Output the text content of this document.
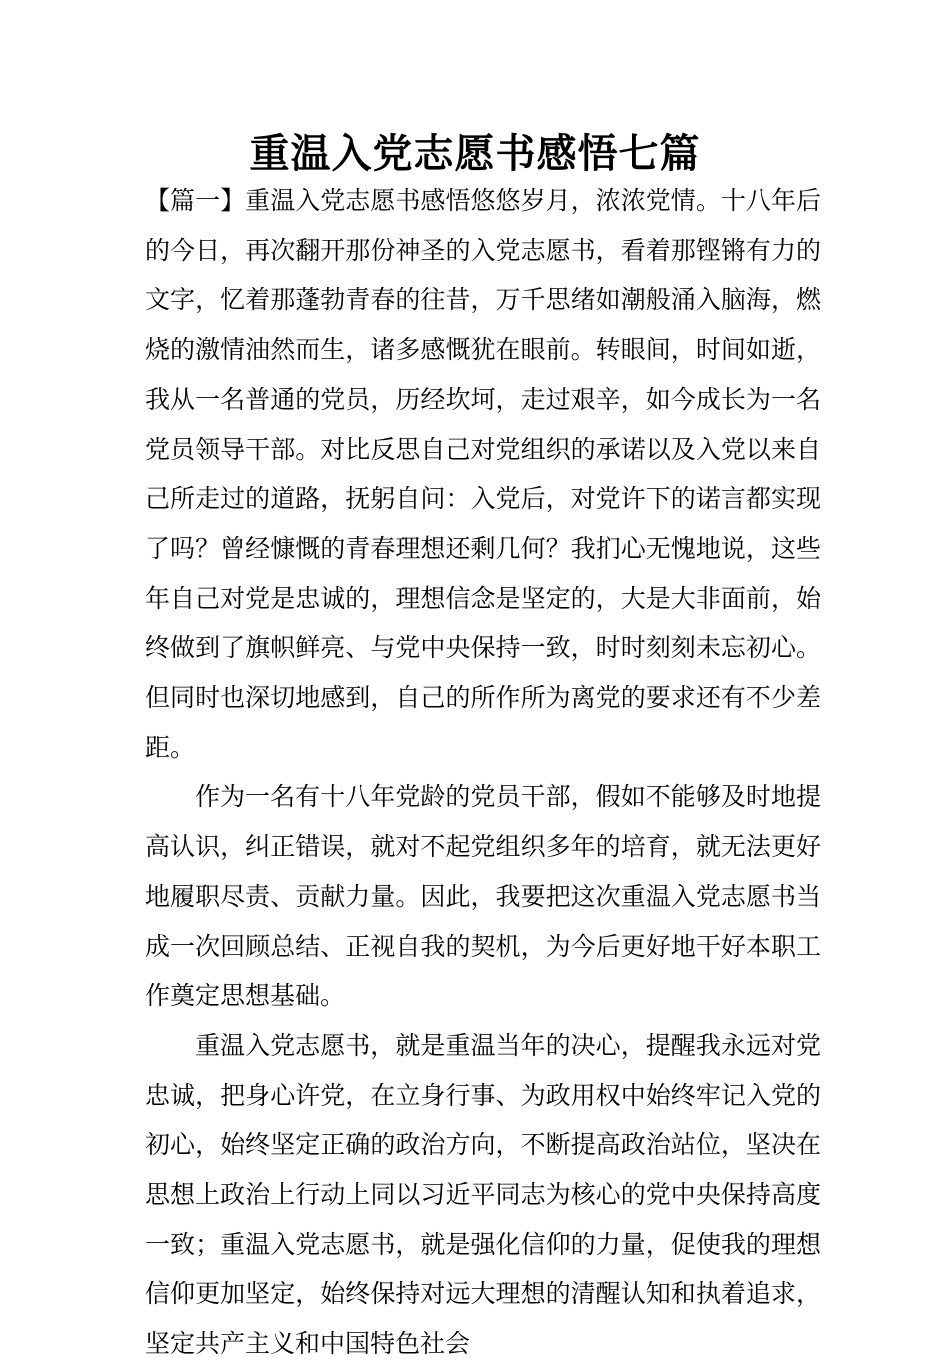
重温入党志愿书感悟七篇

【篇一】重温入党志愿书感悟悠悠岁月，浓浓党情。十八年后的今日，再次翻开那份神圣的入党志愿书，看着那铿锵有力的文字，忆着那蓬勃青春的往昔，万千思绪如潮般涌入脑海，燃烧的激情油然而生，诸多感慨犹在眼前。转眼间，时间如逝，我从一名普通的党员，历经坎坷，走过艰辛，如今成长为一名党员领导干部。对比反思自己对党组织的承诺以及入党以来自己所走过的道路，抚躬自问：入党后，对党许下的诺言都实现了吗？曾经慷慨的青春理想还剩几何？我扪心无愧地说，这些年自己对党是忠诚的，理想信念是坚定的，大是大非面前，始终做到了旗帜鲜亮、与党中央保持一致，时时刻刻未忘初心。但同时也深切地感到，自己的所作所为离党的要求还有不少差距。

作为一名有十八年党龄的党员干部，假如不能够及时地提高认识，纠正错误，就对不起党组织多年的培育，就无法更好地履职尽责、贡献力量。因此，我要把这次重温入党志愿书当成一次回顾总结、正视自我的契机，为今后更好地干好本职工作奠定思想基础。

重温入党志愿书，就是重温当年的决心，提醒我永远对党忠诚，把身心许党，在立身行事、为政用权中始终牢记入党的初心，始终坚定正确的政治方向，不断提高政治站位，坚决在思想上政治上行动上同以习近平同志为核心的党中央保持高度一致；重温入党志愿书，就是强化信仰的力量，促使我的理想信仰更加坚定，始终保持对远大理想的清醒认知和执着追求，坚定共产主义和中国特色社会
